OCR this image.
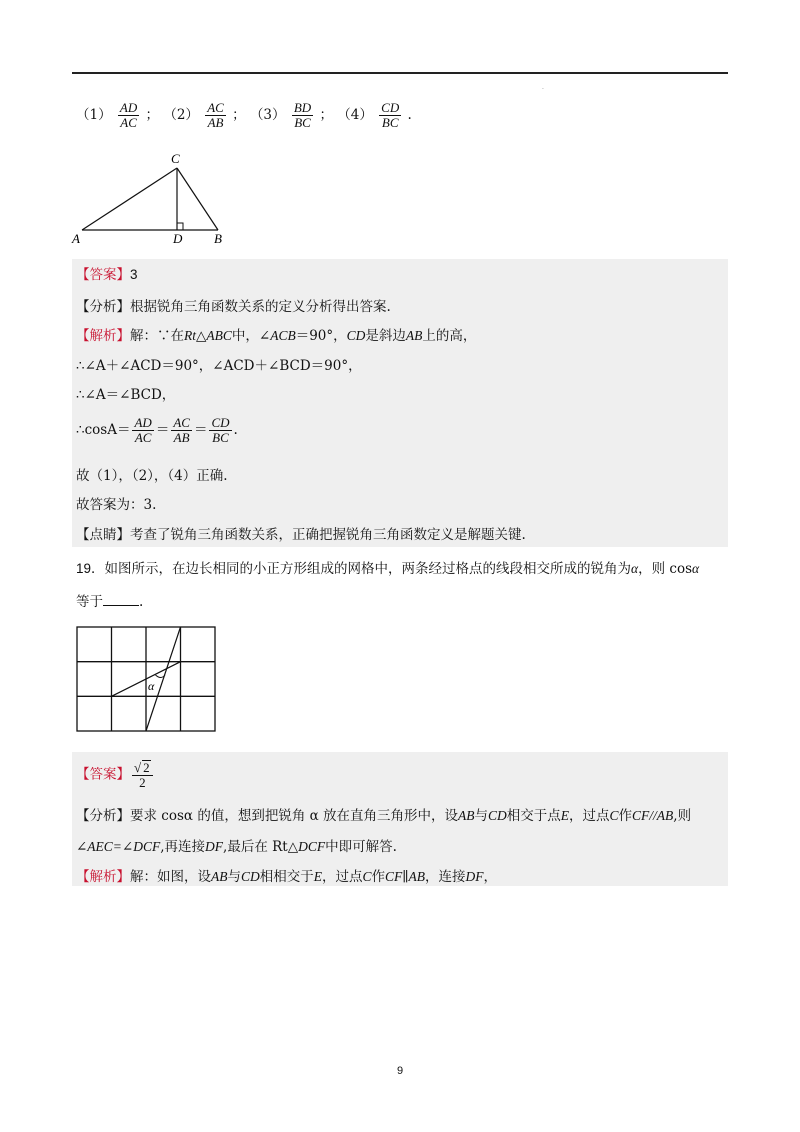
·
$(1) \frac{AD}{AC}$ ； $(2) \frac{AC}{AB}$ ； $(3) \frac{BD}{BC}$ ； $(4) \frac{CD}{BC}$ .
C
A	D B
【答案】3
【分析】根据锐角三角函数关系的定义分析得出答案.
【解析】解：∵在Rt△ABC中，∠ACB＝90°，CD是斜边AB上的高，
∴∠A＋∠ACD＝90°，∠ACD＋∠BCD＝90°，
∴∠A＝∠BCD，
∴cosA＝ $\frac{AD}{AC} = \frac{AC}{AB} = \frac{CD}{BC}$ .
故（1），（2），（4）正确.
故答案为：3.
【点睛】考查了锐角三角函数关系，正确把握锐角三角函数定义是解题关键.
19．如图所示，在边长相同的小正方形组成的网格中，两条经过格点的线段相交所成的锐角为α，则 cosα
等于	.
α
【答案】 $\frac{√ 2}{2}$
【分析】要求 cosα 的值，想到把锐角 α 放在直角三角形中，设AB与CD相交于点E，过点C作CF//AB,则
∠AEC=∠DCF,再连接DF,最后在 Rt△DCF中即可解答.
【解析】解：如图，设AB与CD相相交于E，过点C作CF∥AB，连接DF，
9
